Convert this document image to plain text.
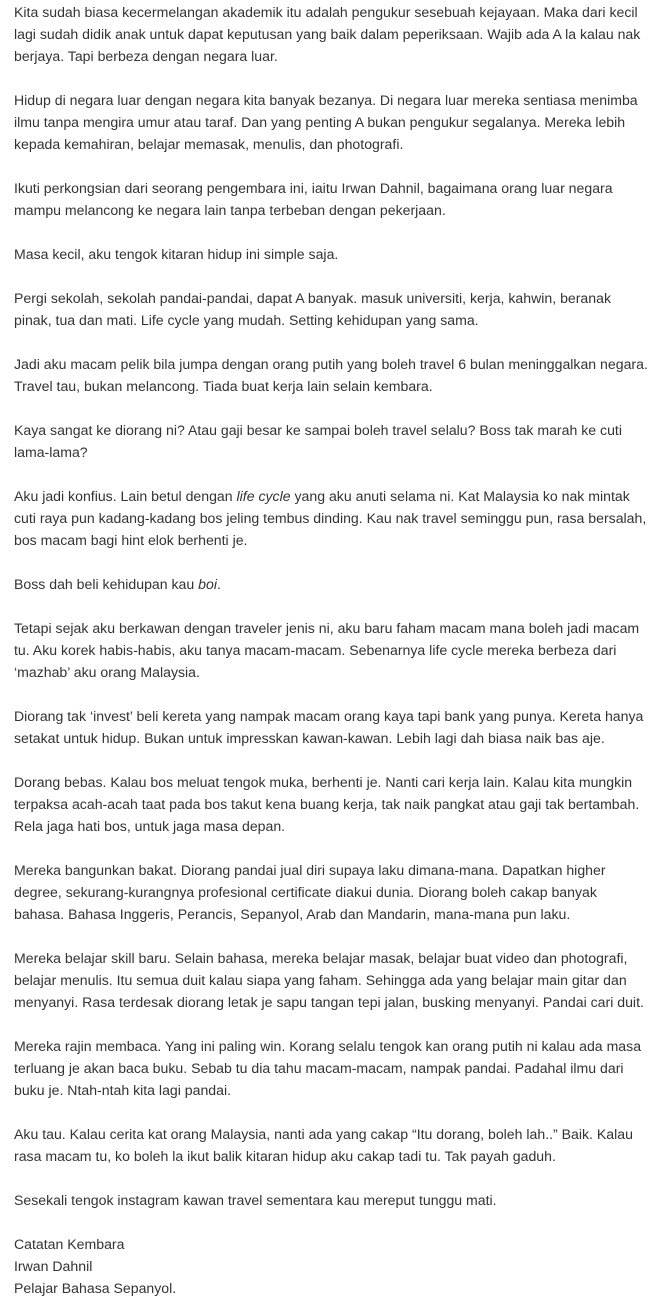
Kita sudah biasa kecermelangan akademik itu adalah pengukur sesebuah kejayaan. Maka dari kecil lagi sudah didik anak untuk dapat keputusan yang baik dalam peperiksaan. Wajib ada A la kalau nak berjaya. Tapi berbeza dengan negara luar.

Hidup di negara luar dengan negara kita banyak bezanya. Di negara luar mereka sentiasa menimba ilmu tanpa mengira umur atau taraf. Dan yang penting A bukan pengukur segalanya. Mereka lebih kepada kemahiran, belajar memasak, menulis, dan photografi.

Ikuti perkongsian dari seorang pengembara ini, iaitu Irwan Dahnil, bagaimana orang luar negara mampu melancong ke negara lain tanpa terbeban dengan pekerjaan.

Masa kecil, aku tengok kitaran hidup ini simple saja.

Pergi sekolah, sekolah pandai-pandai, dapat A banyak. masuk universiti, kerja, kahwin, beranak pinak, tua dan mati. Life cycle yang mudah. Setting kehidupan yang sama.

Jadi aku macam pelik bila jumpa dengan orang putih yang boleh travel 6 bulan meninggalkan negara. Travel tau, bukan melancong. Tiada buat kerja lain selain kembara.

Kaya sangat ke diorang ni? Atau gaji besar ke sampai boleh travel selalu? Boss tak marah ke cuti lama-lama?

Aku jadi konfius. Lain betul dengan life cycle yang aku anuti selama ni. Kat Malaysia ko nak mintak cuti raya pun kadang-kadang bos jeling tembus dinding. Kau nak travel seminggu pun, rasa bersalah, bos macam bagi hint elok berhenti je.

Boss dah beli kehidupan kau boi.

Tetapi sejak aku berkawan dengan traveler jenis ni, aku baru faham macam mana boleh jadi macam tu. Aku korek habis-habis, aku tanya macam-macam. Sebenarnya life cycle mereka berbeza dari ‘mazhab’ aku orang Malaysia.

Diorang tak ‘invest’ beli kereta yang nampak macam orang kaya tapi bank yang punya. Kereta hanya setakat untuk hidup. Bukan untuk impresskan kawan-kawan. Lebih lagi dah biasa naik bas aje.

Dorang bebas. Kalau bos meluat tengok muka, berhenti je. Nanti cari kerja lain. Kalau kita mungkin terpaksa acah-acah taat pada bos takut kena buang kerja, tak naik pangkat atau gaji tak bertambah. Rela jaga hati bos, untuk jaga masa depan.

Mereka bangunkan bakat. Diorang pandai jual diri supaya laku dimana-mana. Dapatkan higher degree, sekurang-kurangnya profesional certificate diakui dunia. Diorang boleh cakap banyak bahasa. Bahasa Inggeris, Perancis, Sepanyol, Arab dan Mandarin, mana-mana pun laku.

Mereka belajar skill baru. Selain bahasa, mereka belajar masak, belajar buat video dan photografi, belajar menulis. Itu semua duit kalau siapa yang faham. Sehingga ada yang belajar main gitar dan menyanyi. Rasa terdesak diorang letak je sapu tangan tepi jalan, busking menyanyi. Pandai cari duit.

Mereka rajin membaca. Yang ini paling win. Korang selalu tengok kan orang putih ni kalau ada masa terluang je akan baca buku. Sebab tu dia tahu macam-macam, nampak pandai. Padahal ilmu dari buku je. Ntah-ntah kita lagi pandai.

Aku tau. Kalau cerita kat orang Malaysia, nanti ada yang cakap “Itu dorang, boleh lah..” Baik. Kalau rasa macam tu, ko boleh la ikut balik kitaran hidup aku cakap tadi tu. Tak payah gaduh.

Sesekali tengok instagram kawan travel sementara kau mereput tunggu mati.

Catatan Kembara

Irwan Dahnil

Pelajar Bahasa Sepanyol.
